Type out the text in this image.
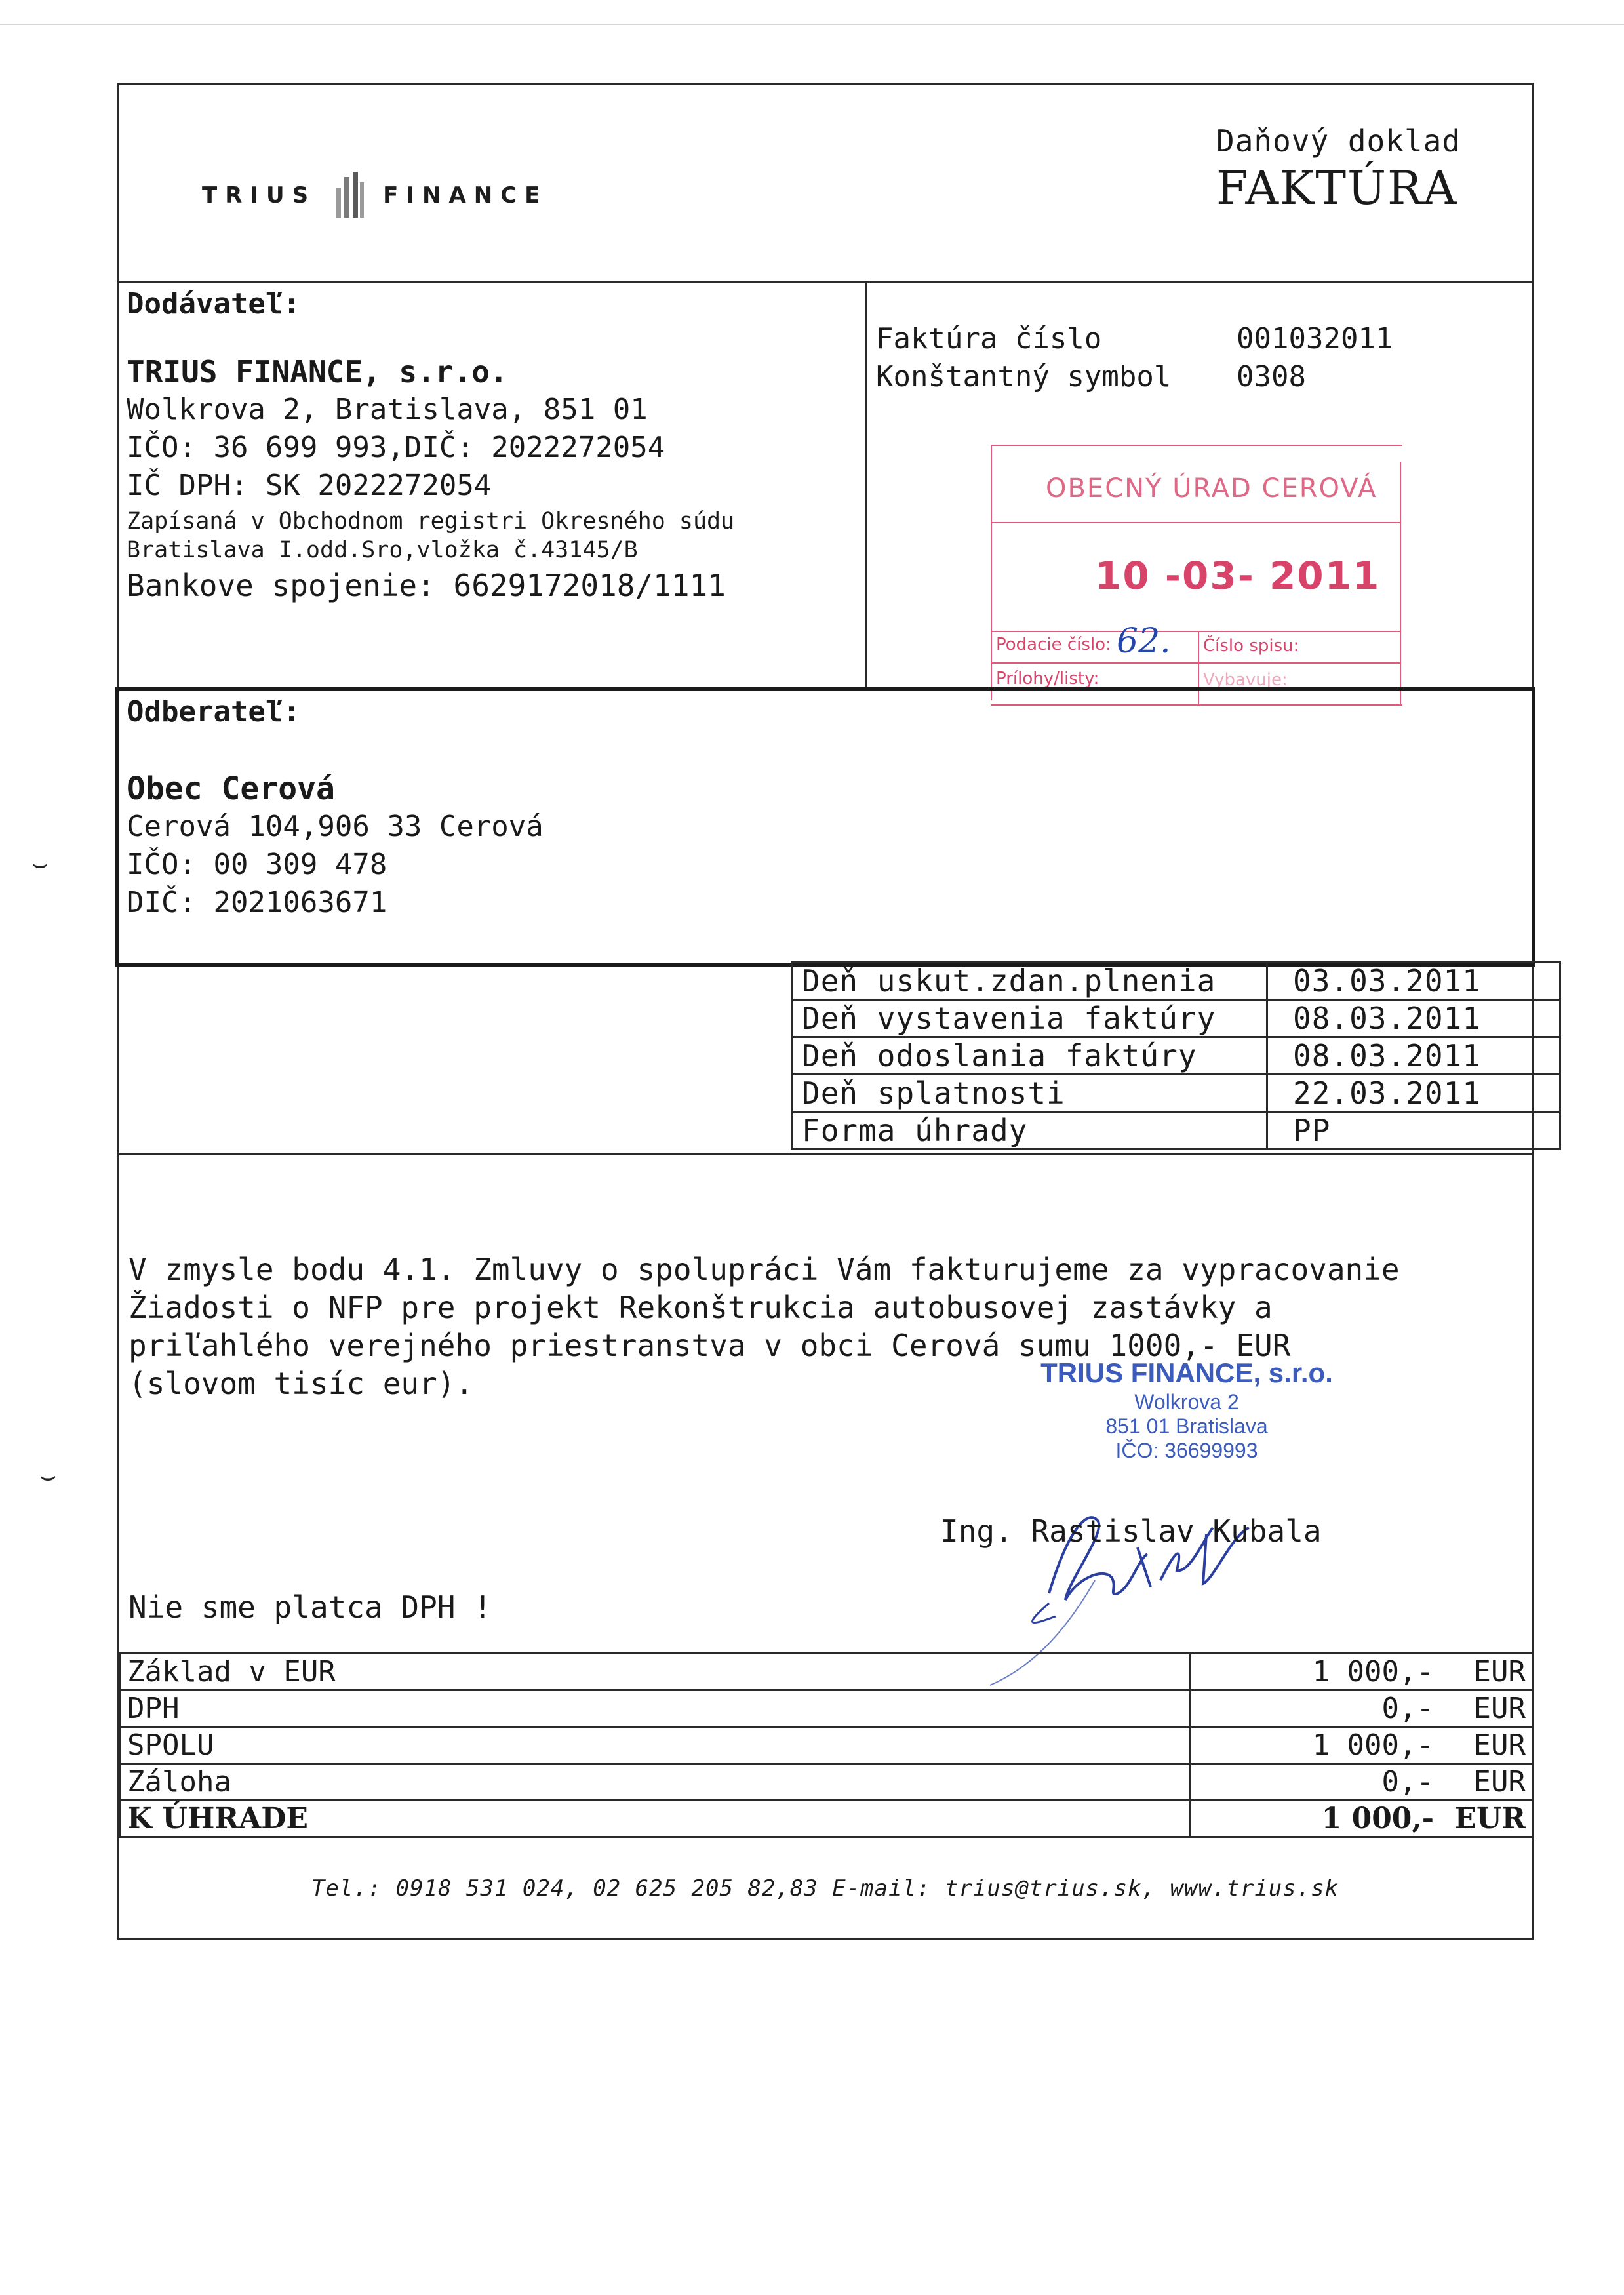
TRIUS	FINANCE
Daňový doklad
FAKTÚRA
Dodávateľ:
TRIUS FINANCE, s.r.o.
Wolkrova 2, Bratislava, 851 01
IČO: 36 699 993,DIČ: 2022272054
IČ DPH: SK 2022272054
Zapísaná v Obchodnom registri Okresného súdu
Bratislava I.odd.Sro,vložka č.43145/B
Bankove spojenie: 6629172018/1111
Faktúra číslo	001032011
Konštantný symbol 0308
OBECNÝ ÚRAD CEROVÁ
10 -03- 2011
Podacie číslo: 62. Číslo spisu:
Prílohy/listy:	Vybavuje:
Odberateľ:
Obec Cerová
Cerová 104,906 33 Cerová
IČO: 00 309 478
DIČ: 2021063671
Deň uskut.zdan.plnenia	03.03.2011
Deň vystavenia faktúry	08.03.2011
Deň odoslania faktúry	08.03.2011
Deň splatnosti	22.03.2011
Forma úhrady	PP
V zmysle bodu 4.1. Zmluvy o spolupráci Vám fakturujeme za vypracovanie
Žiadosti o NFP pre projekt Rekonštrukcia autobusovej zastávky a
priľahlého verejného priestranstva v obci Cerová sumu 1000,- EUR
(slovom tisíc eur).	TRIUS FINANCE, s.r.o.
Wolkrova 2
851 01 Bratislava
IČO: 36699993
Ing. Rastislav Kubala
Nie sme platca DPH !
Základ v EUR	1 000,- EUR
DPH	0,- EUR
SPOLU	1 000,- EUR
Záloha	0,- EUR
K ÚHRADE	1 000,- EUR
Tel.: 0918 531 024, 02 625 205 82,83 E-mail: trius@trius.sk, www.trius.sk
⌣
⌣
